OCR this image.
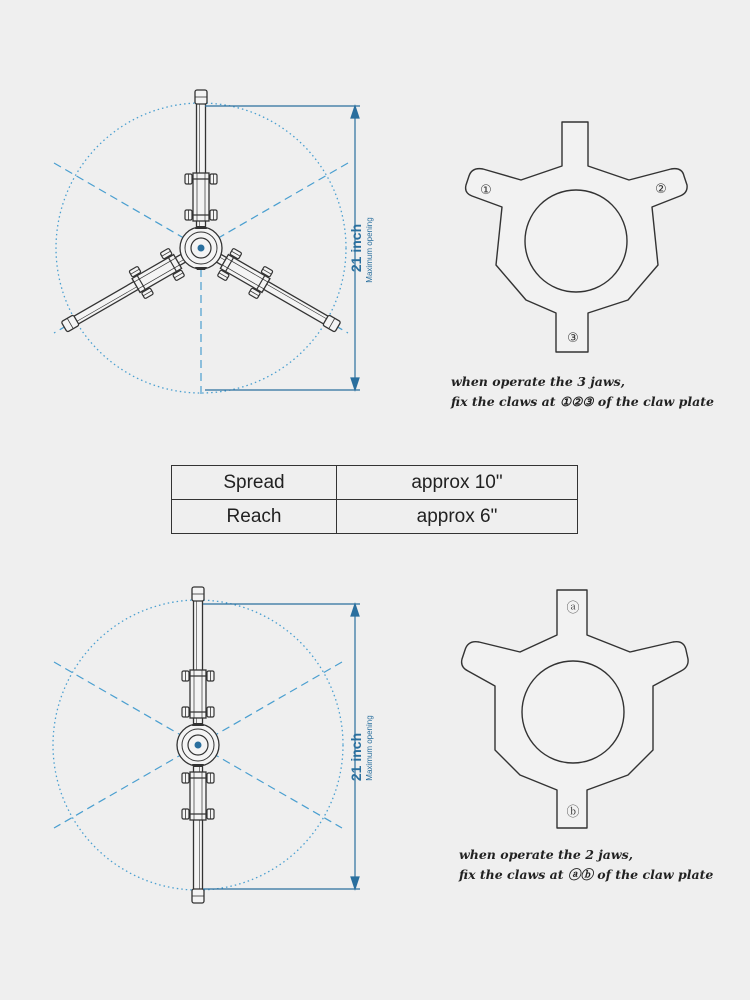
21 inch Maximum opening
①	②
③
21 inch Maximum opening
ⓐ
ⓑ
when operate the 3 jaws,
fix the claws at ①②③ of the claw plate
Spread	approx 10"
Reach	approx 6"
when operate the 2 jaws,
fix the claws at ⓐⓑ of the claw plate
